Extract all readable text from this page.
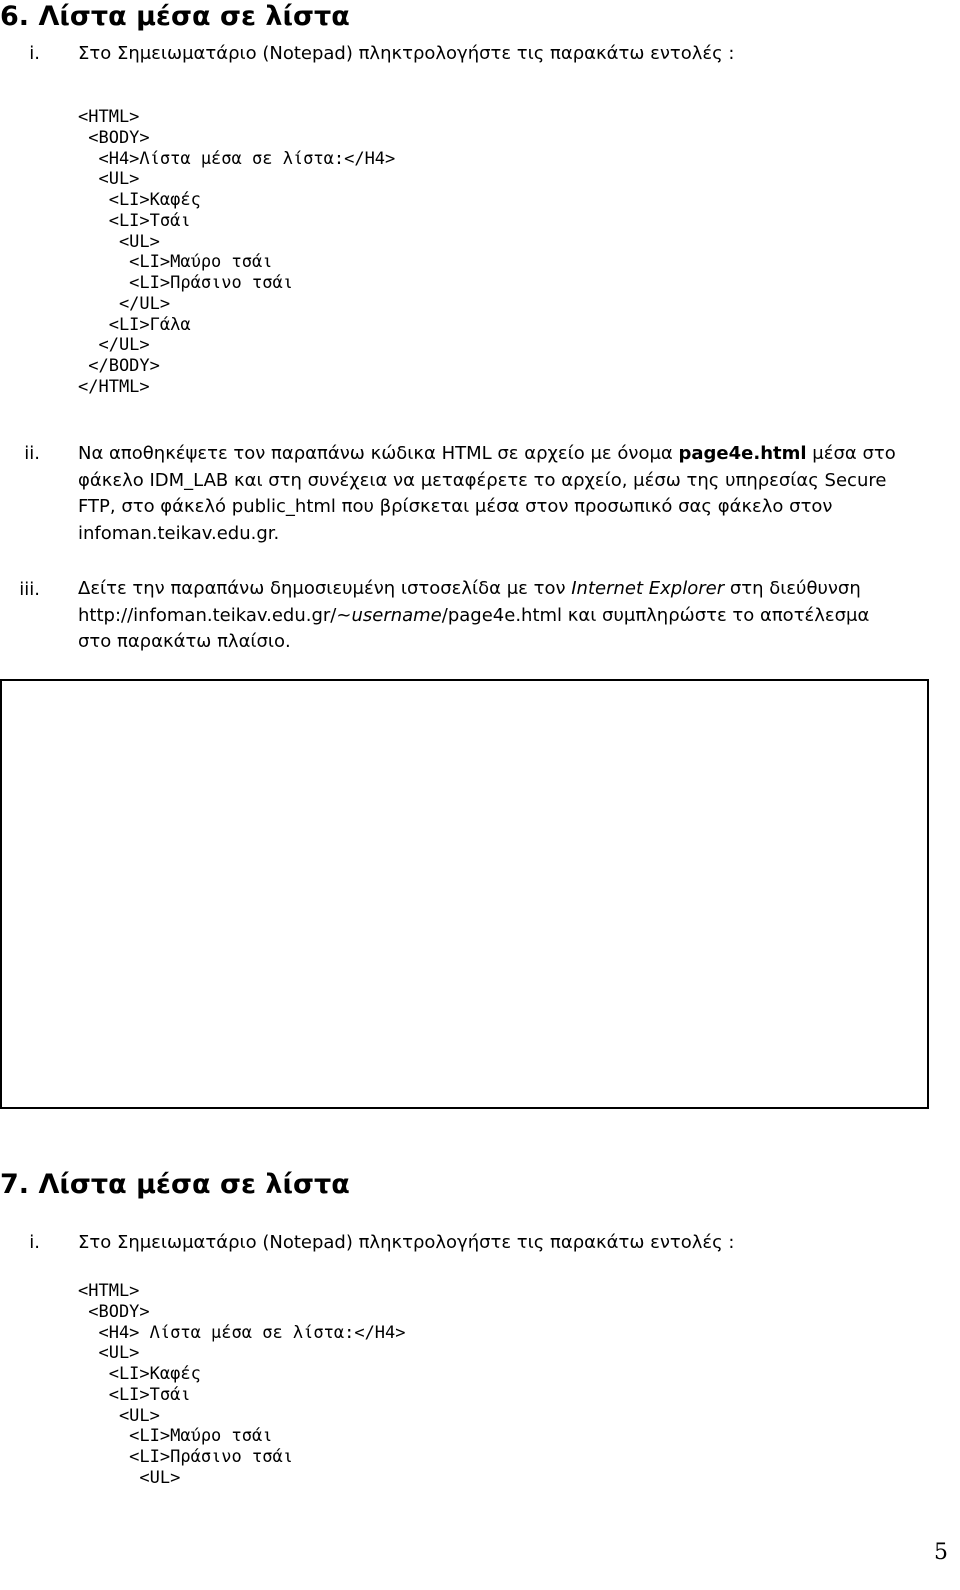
6. Λίστα μέσα σε λίστα
i. Στο Σημειωματάριο (Notepad) πληκτρολογήστε τις παρακάτω εντολές :
<HTML>
<BODY>
<H4>Λίστα μέσα σε λίστα:</H4>
<UL>
<LI>Καφές
<LI>Τσάι
<UL>
<LI>Μαύρο τσάι
<LI>Πράσινο τσάι
</UL>
<LI>Γάλα
</UL>
</BODY>
</HTML>
ii. Να αποθηκέψετε τον παραπάνω κώδικα HTML σε αρχείο με όνομα page4e.html μέσα στο
φάκελο IDM_LAB και στη συνέχεια να μεταφέρετε το αρχείο, μέσω της υπηρεσίας Secure
FTP, στο φάκελό public_html που βρίσκεται μέσα στον προσωπικό σας φάκελο στον
infoman.teikav.edu.gr.
iii. Δείτε την παραπάνω δημοσιευμένη ιστοσελίδα με τον Internet Explorer στη διεύθυνση
http://infoman.teikav.edu.gr/~username/page4e.html και συμπληρώστε το αποτέλεσμα
στο παρακάτω πλαίσιο.
7. Λίστα μέσα σε λίστα
i. Στο Σημειωματάριο (Notepad) πληκτρολογήστε τις παρακάτω εντολές :
<HTML>
<BODY>
<H4> Λίστα μέσα σε λίστα:</H4>
<UL>
<LI>Καφές
<LI>Τσάι
<UL>
<LI>Μαύρο τσάι
<LI>Πράσινο τσάι
<UL>
5
